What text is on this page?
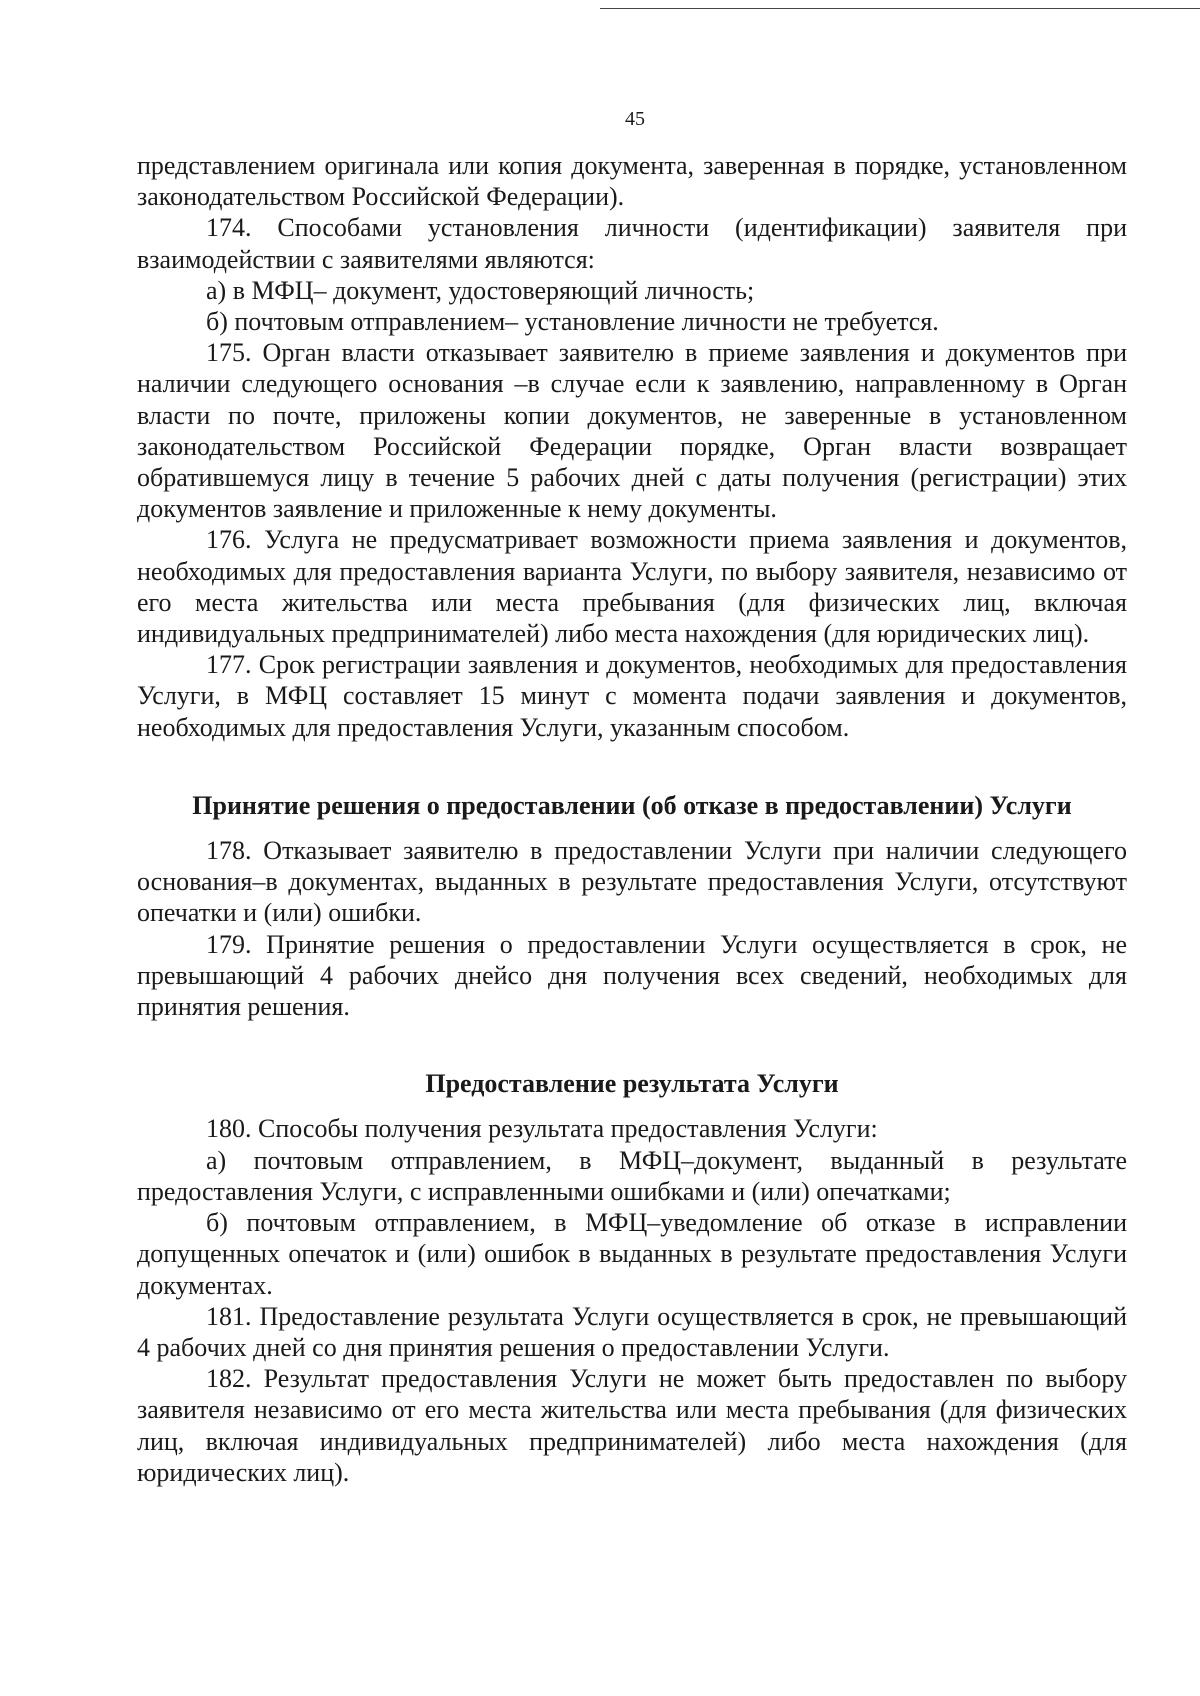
45

представлением оригинала или копия документа, заверенная в порядке, установленном законодательством Российской Федерации).

174. Способами установления личности (идентификации) заявителя при взаимодействии с заявителями являются:

а) в МФЦ– документ, удостоверяющий личность;

б) почтовым отправлением– установление личности не требуется.

175. Орган власти отказывает заявителю в приеме заявления и документов при наличии следующего основания –в случае если к заявлению, направленному в Орган власти по почте, приложены копии документов, не заверенные в установленном законодательством Российской Федерации порядке, Орган власти возвращает обратившемуся лицу в течение 5 рабочих дней с даты получения (регистрации) этих документов заявление и приложенные к нему документы.

176. Услуга не предусматривает возможности приема заявления и документов, необходимых для предоставления варианта Услуги, по выбору заявителя, независимо от его места жительства или места пребывания (для физических лиц, включая индивидуальных предпринимателей) либо места нахождения (для юридических лиц).

177. Срок регистрации заявления и документов, необходимых для предоставления Услуги, в МФЦ составляет 15 минут с момента подачи заявления и документов, необходимых для предоставления Услуги, указанным способом.

Принятие решения о предоставлении (об отказе в предоставлении) Услуги

178. Отказывает заявителю в предоставлении Услуги при наличии следующего основания–в документах, выданных в результате предоставления Услуги, отсутствуют опечатки и (или) ошибки.

179. Принятие решения о предоставлении Услуги осуществляется в срок, не превышающий 4 рабочих днейсо дня получения всех сведений, необходимых для принятия решения.

Предоставление результата Услуги

180. Способы получения результата предоставления Услуги:

а) почтовым отправлением, в МФЦ–документ, выданный в результате предоставления Услуги, с исправленными ошибками и (или) опечатками;

б) почтовым отправлением, в МФЦ–уведомление об отказе в исправлении допущенных опечаток и (или) ошибок в выданных в результате предоставления Услуги документах.

181. Предоставление результата Услуги осуществляется в срок, не превышающий 4 рабочих дней со дня принятия решения о предоставлении Услуги.

182. Результат предоставления Услуги не может быть предоставлен по выбору заявителя независимо от его места жительства или места пребывания (для физических лиц, включая индивидуальных предпринимателей) либо места нахождения (для юридических лиц).
